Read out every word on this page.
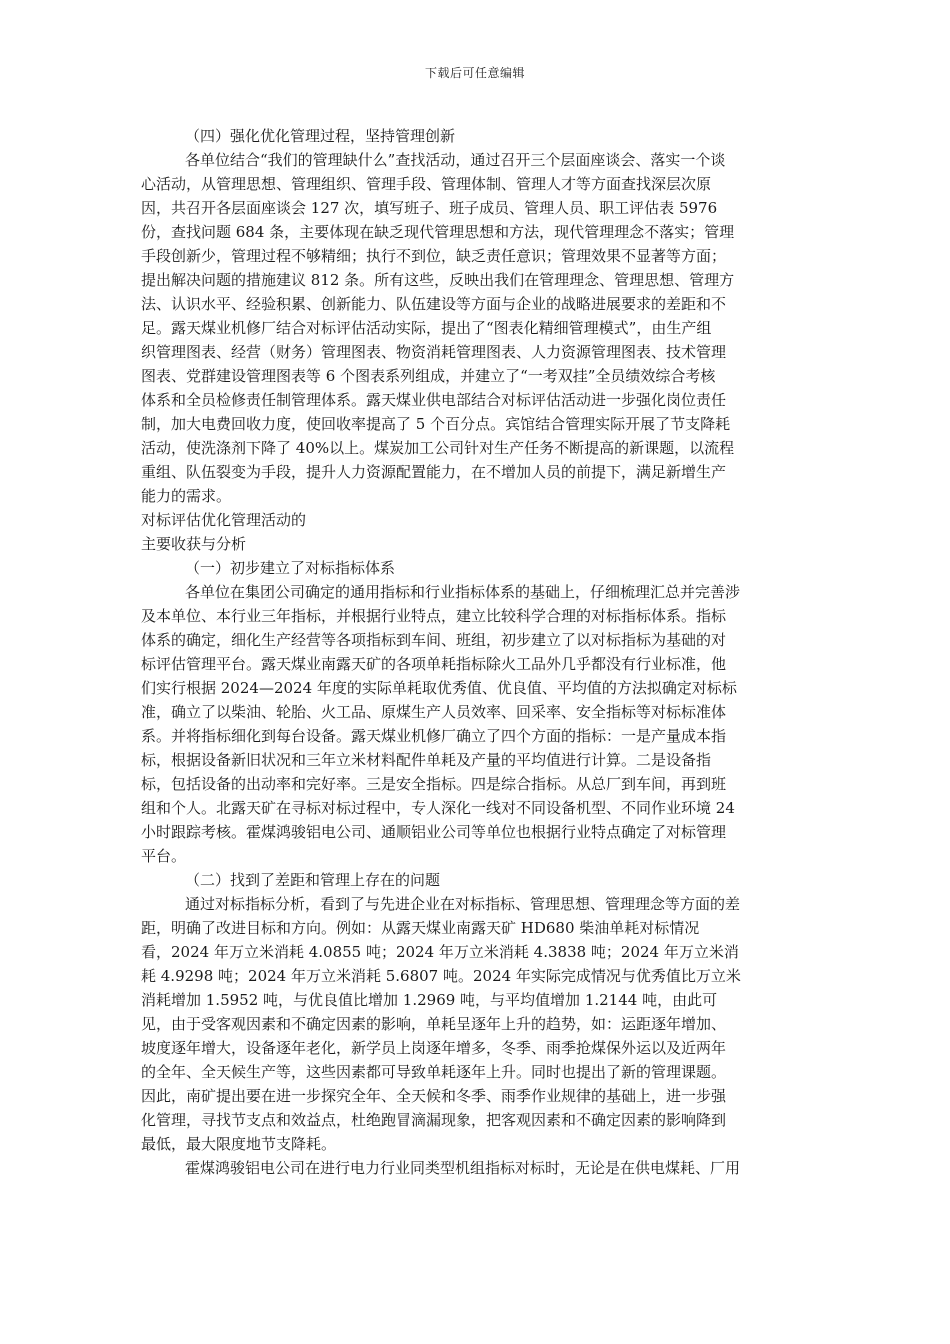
下载后可任意编辑
（四）强化优化管理过程，坚持管理创新
各单位结合“我们的管理缺什么”查找活动，通过召开三个层面座谈会、落实一个谈
心活动，从管理思想、管理组织、管理手段、管理体制、管理人才等方面查找深层次原
因，共召开各层面座谈会 127 次，填写班子、班子成员、管理人员、职工评估表 5976
份，查找问题 684 条，主要体现在缺乏现代管理思想和方法，现代管理理念不落实；管理
手段创新少，管理过程不够精细；执行不到位，缺乏责任意识；管理效果不显著等方面；
提出解决问题的措施建议 812 条。所有这些，反映出我们在管理理念、管理思想、管理方
法、认识水平、经验积累、创新能力、队伍建设等方面与企业的战略进展要求的差距和不
足。露天煤业机修厂结合对标评估活动实际，提出了“图表化精细管理模式”，由生产组
织管理图表、经营（财务）管理图表、物资消耗管理图表、人力资源管理图表、技术管理
图表、党群建设管理图表等 6 个图表系列组成，并建立了“一考双挂”全员绩效综合考核
体系和全员检修责任制管理体系。露天煤业供电部结合对标评估活动进一步强化岗位责任
制，加大电费回收力度，使回收率提高了 5 个百分点。宾馆结合管理实际开展了节支降耗
活动，使洗涤剂下降了 40%以上。煤炭加工公司针对生产任务不断提高的新课题，以流程
重组、队伍裂变为手段，提升人力资源配置能力，在不增加人员的前提下，满足新增生产
能力的需求。
对标评估优化管理活动的
主要收获与分析
（一）初步建立了对标指标体系
各单位在集团公司确定的通用指标和行业指标体系的基础上，仔细梳理汇总并完善涉
及本单位、本行业三年指标，并根据行业特点，建立比较科学合理的对标指标体系。指标
体系的确定，细化生产经营等各项指标到车间、班组，初步建立了以对标指标为基础的对
标评估管理平台。露天煤业南露天矿的各项单耗指标除火工品外几乎都没有行业标准，他
们实行根据 2024—2024 年度的实际单耗取优秀值、优良值、平均值的方法拟确定对标标
准，确立了以柴油、轮胎、火工品、原煤生产人员效率、回采率、安全指标等对标标准体
系。并将指标细化到每台设备。露天煤业机修厂确立了四个方面的指标：一是产量成本指
标，根据设备新旧状况和三年立米材料配件单耗及产量的平均值进行计算。二是设备指
标，包括设备的出动率和完好率。三是安全指标。四是综合指标。从总厂到车间，再到班
组和个人。北露天矿在寻标对标过程中，专人深化一线对不同设备机型、不同作业环境 24
小时跟踪考核。霍煤鸿骏铝电公司、通顺铝业公司等单位也根据行业特点确定了对标管理
平台。
（二）找到了差距和管理上存在的问题
通过对标指标分析，看到了与先进企业在对标指标、管理思想、管理理念等方面的差
距，明确了改进目标和方向。例如：从露天煤业南露天矿 HD680 柴油单耗对标情况
看，2024 年万立米消耗 4.0855 吨；2024 年万立米消耗 4.3838 吨；2024 年万立米消
耗 4.9298 吨；2024 年万立米消耗 5.6807 吨。2024 年实际完成情况与优秀值比万立米
消耗增加 1.5952 吨，与优良值比增加 1.2969 吨，与平均值增加 1.2144 吨，由此可
见，由于受客观因素和不确定因素的影响，单耗呈逐年上升的趋势，如：运距逐年增加、
坡度逐年增大，设备逐年老化，新学员上岗逐年增多，冬季、雨季抢煤保外运以及近两年
的全年、全天候生产等，这些因素都可导致单耗逐年上升。同时也提出了新的管理课题。
因此，南矿提出要在进一步探究全年、全天候和冬季、雨季作业规律的基础上，进一步强
化管理，寻找节支点和效益点，杜绝跑冒滴漏现象，把客观因素和不确定因素的影响降到
最低，最大限度地节支降耗。
霍煤鸿骏铝电公司在进行电力行业同类型机组指标对标时，无论是在供电煤耗、厂用
